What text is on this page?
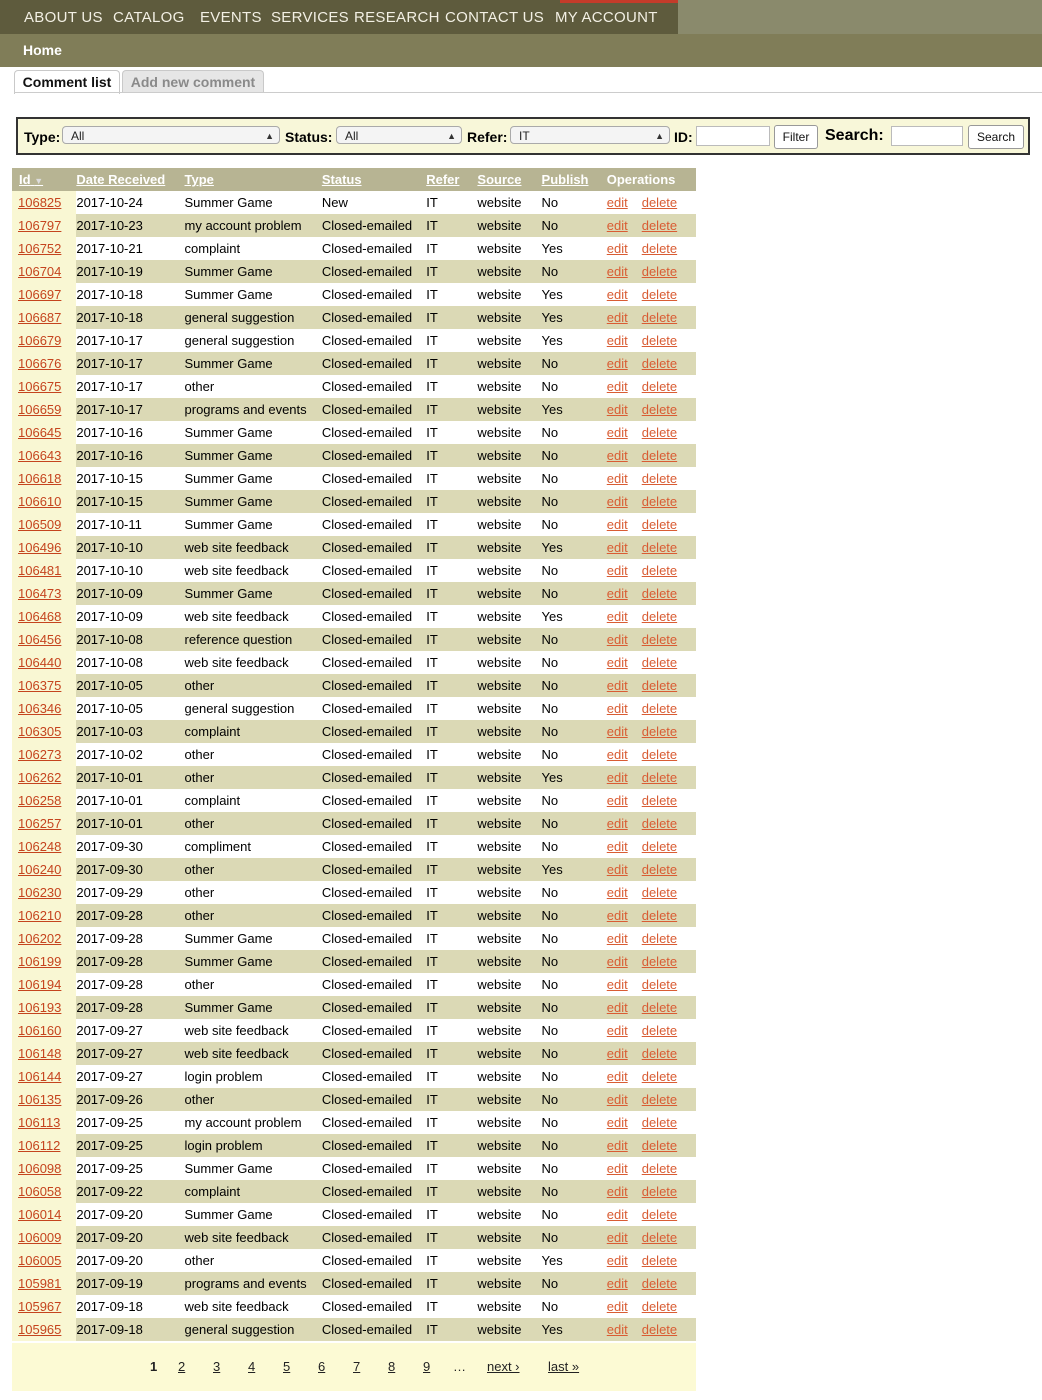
ABOUT US CATALOG EVENTS SERVICES RESEARCH CONTACT US MY ACCOUNT
Home
Comment list	Add new comment
Type: All	▲ Status:	All	▲ Refer: IT	▲ ID:	Filter Search:	Search
Id ▼	Date Received	Type	Status	Refer	Source	Publish	Operations
106825	2017-10-24	Summer Game	New	IT	website	No	edit delete
106797	2017-10-23	my account problem	Closed-emailed	IT	website	No	edit delete
106752	2017-10-21	complaint	Closed-emailed	IT	website	Yes	edit delete
106704	2017-10-19	Summer Game	Closed-emailed	IT	website	No	edit delete
106697	2017-10-18	Summer Game	Closed-emailed	IT	website	Yes	edit delete
106687	2017-10-18	general suggestion	Closed-emailed	IT	website	Yes	edit delete
106679	2017-10-17	general suggestion	Closed-emailed	IT	website	Yes	edit delete
106676	2017-10-17	Summer Game	Closed-emailed	IT	website	No	edit delete
106675	2017-10-17	other	Closed-emailed	IT	website	No	edit delete
106659	2017-10-17	programs and events	Closed-emailed	IT	website	Yes	edit delete
106645	2017-10-16	Summer Game	Closed-emailed	IT	website	No	edit delete
106643	2017-10-16	Summer Game	Closed-emailed	IT	website	No	edit delete
106618	2017-10-15	Summer Game	Closed-emailed	IT	website	No	edit delete
106610	2017-10-15	Summer Game	Closed-emailed	IT	website	No	edit delete
106509	2017-10-11	Summer Game	Closed-emailed	IT	website	No	edit delete
106496	2017-10-10	web site feedback	Closed-emailed	IT	website	Yes	edit delete
106481	2017-10-10	web site feedback	Closed-emailed	IT	website	No	edit delete
106473	2017-10-09	Summer Game	Closed-emailed	IT	website	No	edit delete
106468	2017-10-09	web site feedback	Closed-emailed	IT	website	Yes	edit delete
106456	2017-10-08	reference question	Closed-emailed	IT	website	No	edit delete
106440	2017-10-08	web site feedback	Closed-emailed	IT	website	No	edit delete
106375	2017-10-05	other	Closed-emailed	IT	website	No	edit delete
106346	2017-10-05	general suggestion	Closed-emailed	IT	website	No	edit delete
106305	2017-10-03	complaint	Closed-emailed	IT	website	No	edit delete
106273	2017-10-02	other	Closed-emailed	IT	website	No	edit delete
106262	2017-10-01	other	Closed-emailed	IT	website	Yes	edit delete
106258	2017-10-01	complaint	Closed-emailed	IT	website	No	edit delete
106257	2017-10-01	other	Closed-emailed	IT	website	No	edit delete
106248	2017-09-30	compliment	Closed-emailed	IT	website	No	edit delete
106240	2017-09-30	other	Closed-emailed	IT	website	Yes	edit delete
106230	2017-09-29	other	Closed-emailed	IT	website	No	edit delete
106210	2017-09-28	other	Closed-emailed	IT	website	No	edit delete
106202	2017-09-28	Summer Game	Closed-emailed	IT	website	No	edit delete
106199	2017-09-28	Summer Game	Closed-emailed	IT	website	No	edit delete
106194	2017-09-28	other	Closed-emailed	IT	website	No	edit delete
106193	2017-09-28	Summer Game	Closed-emailed	IT	website	No	edit delete
106160	2017-09-27	web site feedback	Closed-emailed	IT	website	No	edit delete
106148	2017-09-27	web site feedback	Closed-emailed	IT	website	No	edit delete
106144	2017-09-27	login problem	Closed-emailed	IT	website	No	edit delete
106135	2017-09-26	other	Closed-emailed	IT	website	No	edit delete
106113	2017-09-25	my account problem	Closed-emailed	IT	website	No	edit delete
106112	2017-09-25	login problem	Closed-emailed	IT	website	No	edit delete
106098	2017-09-25	Summer Game	Closed-emailed	IT	website	No	edit delete
106058	2017-09-22	complaint	Closed-emailed	IT	website	No	edit delete
106014	2017-09-20	Summer Game	Closed-emailed	IT	website	No	edit delete
106009	2017-09-20	web site feedback	Closed-emailed	IT	website	No	edit delete
106005	2017-09-20	other	Closed-emailed	IT	website	Yes	edit delete
105981	2017-09-19	programs and events	Closed-emailed	IT	website	No	edit delete
105967	2017-09-18	web site feedback	Closed-emailed	IT	website	No	edit delete
105965	2017-09-18	general suggestion	Closed-emailed	IT	website	Yes	edit delete
1 2 3 4 5 6 7 8 9 … next › last »
